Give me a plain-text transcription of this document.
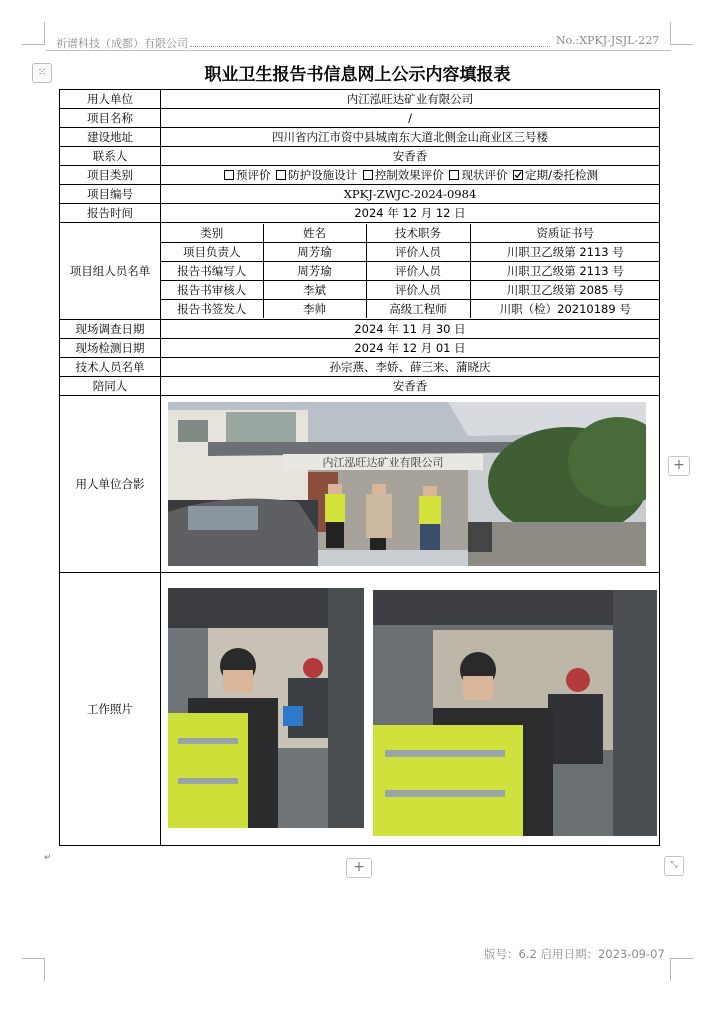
祈谱科技（成都）有限公司	No.:XPKJ-JSJL-227
⁙	职业卫生报告书信息网上公示内容填报表
用人单位	内江泓旺达矿业有限公司
项目名称	/
建设地址	四川省内江市资中县城南东大道北侧金山商业区三号楼
联系人	安香香
项目类别	预评价 防护设施设计 控制效果评价 现状评价 定期/委托检测
项目编号	XPKJ-ZWJC-2024-0984
报告时间	2024 年 12 月 12 日
项目组人员名单	
类别	姓名	技术职务	资质证书号
项目负责人	周芳瑜	评价人员	川职卫乙级第 2113 号
报告书编写人	周芳瑜	评价人员	川职卫乙级第 2113 号
报告书审核人	李斌	评价人员	川职卫乙级第 2085 号
报告书签发人	李帅	高级工程师	川职（检）20210189 号

现场调查日期	2024 年 11 月 30 日
现场检测日期	2024 年 12 月 01 日
技术人员名单	孙宗燕、李娇、薛三来、蒲晓庆
陪同人	安香香
用人单位合影	
内江泓旺达矿业有限公司

工作照片	
+
+	⤡
↵
版号：6.2 启用日期：2023-09-07
